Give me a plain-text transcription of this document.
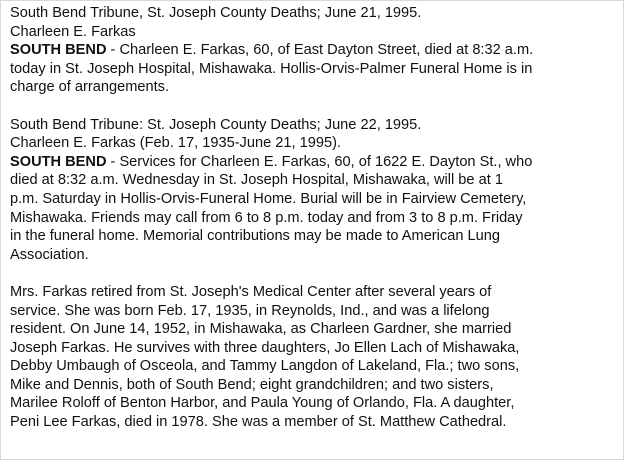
South Bend Tribune, St. Joseph County Deaths; June 21, 1995.
Charleen E. Farkas
SOUTH BEND - Charleen E. Farkas, 60, of East Dayton Street, died at 8:32 a.m.
today in St. Joseph Hospital, Mishawaka. Hollis-Orvis-Palmer Funeral Home is in
charge of arrangements.
South Bend Tribune: St. Joseph County Deaths; June 22, 1995.
Charleen E. Farkas (Feb. 17, 1935-June 21, 1995).
SOUTH BEND - Services for Charleen E. Farkas, 60, of 1622 E. Dayton St., who
died at 8:32 a.m. Wednesday in St. Joseph Hospital, Mishawaka, will be at 1
p.m. Saturday in Hollis-Orvis-Funeral Home. Burial will be in Fairview Cemetery,
Mishawaka. Friends may call from 6 to 8 p.m. today and from 3 to 8 p.m. Friday
in the funeral home. Memorial contributions may be made to American Lung
Association.
Mrs. Farkas retired from St. Joseph's Medical Center after several years of
service. She was born Feb. 17, 1935, in Reynolds, Ind., and was a lifelong
resident. On June 14, 1952, in Mishawaka, as Charleen Gardner, she married
Joseph Farkas. He survives with three daughters, Jo Ellen Lach of Mishawaka,
Debby Umbaugh of Osceola, and Tammy Langdon of Lakeland, Fla.; two sons,
Mike and Dennis, both of South Bend; eight grandchildren; and two sisters,
Marilee Roloff of Benton Harbor, and Paula Young of Orlando, Fla. A daughter,
Peni Lee Farkas, died in 1978. She was a member of St. Matthew Cathedral.
